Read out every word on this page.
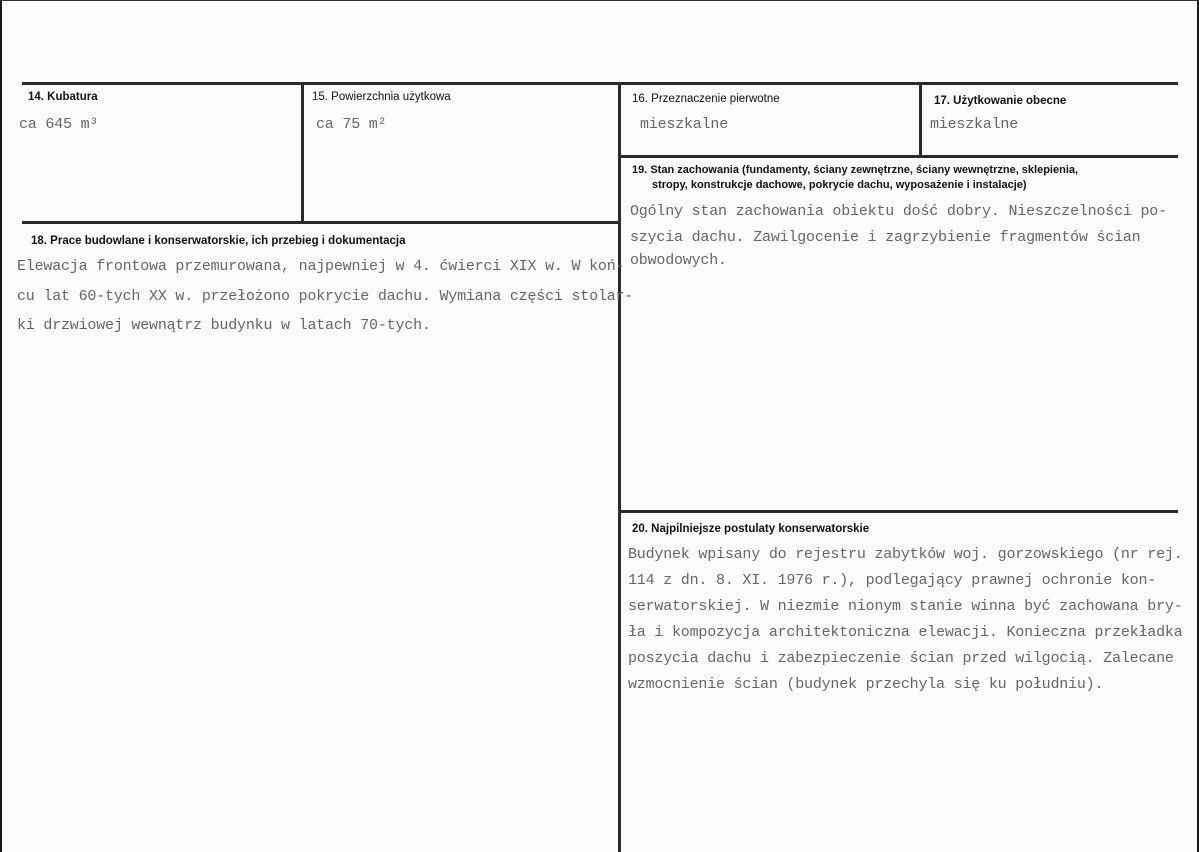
14. Kubatura
ca 645 m³
15. Powierzchnia użytkowa
ca 75 m²
16. Przeznaczenie pierwotne
mieszkalne
17. Użytkowanie obecne
mieszkalne
19. Stan zachowania (fundamenty, ściany zewnętrzne, ściany wewnętrzne, sklepienia,
stropy, konstrukcje dachowe, pokrycie dachu, wyposażenie i instalacje)
Ogólny stan zachowania obiektu dość dobry. Nieszczelności po-
szycia dachu. Zawilgocenie i zagrzybienie fragmentów ścian
obwodowych.
18. Prace budowlane i konserwatorskie, ich przebieg i dokumentacja
Elewacja frontowa przemurowana, najpewniej w 4. ćwierci XIX w. W koń-
cu lat 60-tych XX w. przełożono pokrycie dachu. Wymiana części stolar-
ki drzwiowej wewnątrz budynku w latach 70-tych.
20. Najpilniejsze postulaty konserwatorskie
Budynek wpisany do rejestru zabytków woj. gorzowskiego (nr rej.
114 z dn. 8. XI. 1976 r.), podlegający prawnej ochronie kon-
serwatorskiej. W niezmie nionym stanie winna być zachowana bry-
ła i kompozycja architektoniczna elewacji. Konieczna przekładka
poszycia dachu i zabezpieczenie ścian przed wilgocią. Zalecane
wzmocnienie ścian (budynek przechyla się ku południu).
